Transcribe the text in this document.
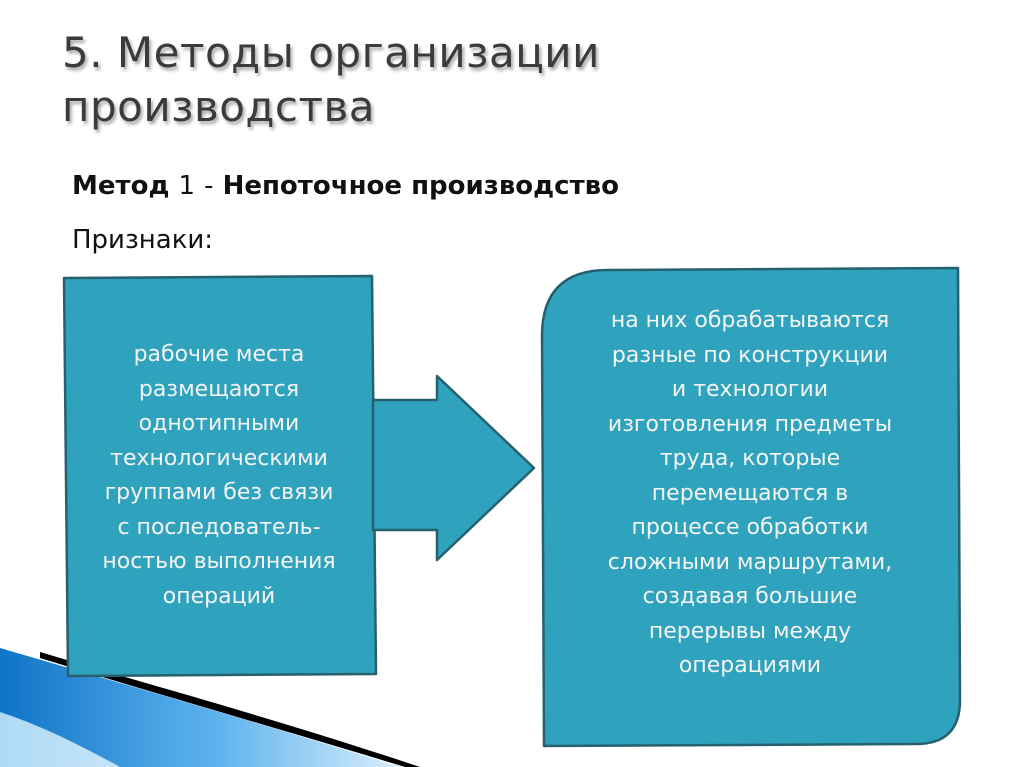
5. Методы организации
производства
Метод 1 - Непоточное производство
Признаки:
рабочие места
размещаются
однотипными
технологическими
группами без связи
с последователь-
ностью выполнения
операций
на них обрабатываются
разные по конструкции
и технологии
изготовления предметы
труда, которые
перемещаются в
процессе обработки
сложными маршрутами,
создавая большие
перерывы между
операциями
